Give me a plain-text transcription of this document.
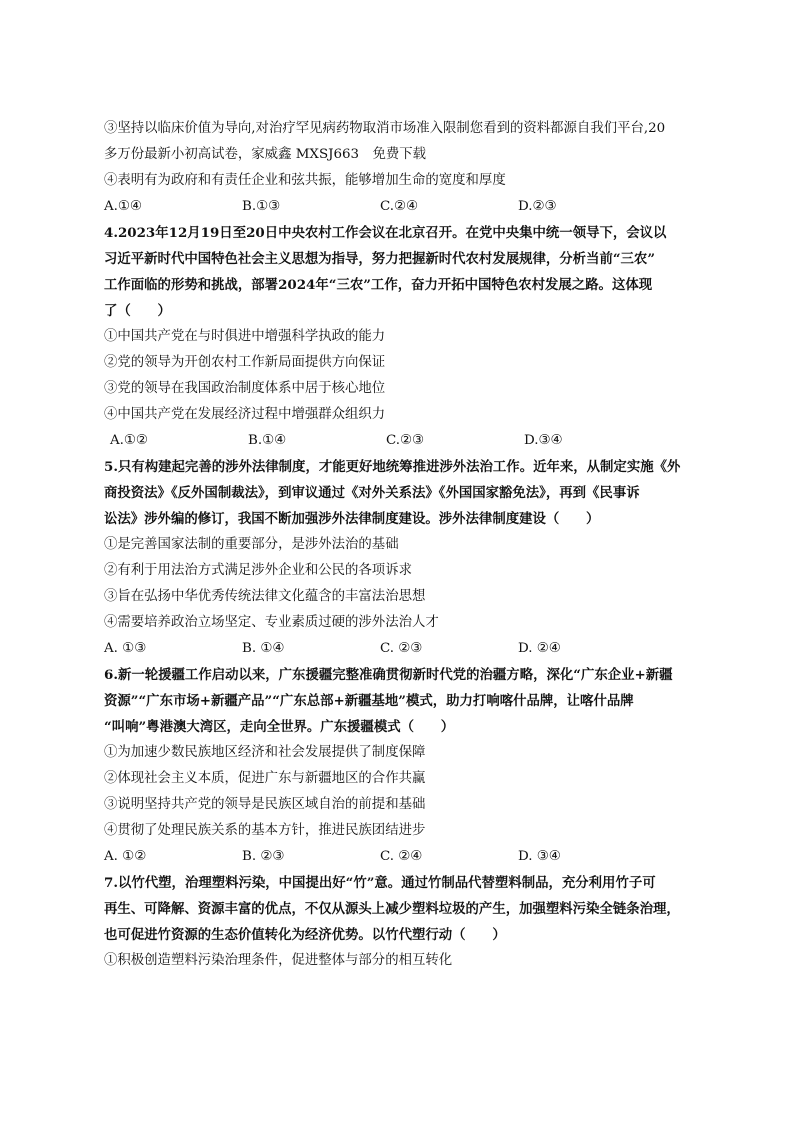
③坚持以临床价值为导向,对治疗罕见病药物取消市场准入限制您看到的资料都源自我们平台,20
多万份最新小初高试卷，家威鑫 MXSJ663　免费下载
④表明有为政府和有责任企业和弦共振，能够增加生命的宽度和厚度
A.①④	B.①③	C.②④	D.②③
4.2023年12月19日至20日中央农村工作会议在北京召开。在党中央集中统一领导下，会议以
习近平新时代中国特色社会主义思想为指导，努力把握新时代农村发展规律，分析当前“三农”
工作面临的形势和挑战，部署2024年“三农”工作，奋力开拓中国特色农村发展之路。这体现
了（　　）
①中国共产党在与时俱进中增强科学执政的能力
②党的领导为开创农村工作新局面提供方向保证
③党的领导在我国政治制度体系中居于核心地位
④中国共产党在发展经济过程中增强群众组织力
A.①②	B.①④	C.②③	D.③④
5.只有构建起完善的涉外法律制度，才能更好地统筹推进涉外法治工作。近年来，从制定实施《外
商投资法》《反外国制裁法》，到审议通过《对外关系法》《外国国家豁免法》，再到《民事诉
讼法》涉外编的修订，我国不断加强涉外法律制度建设。涉外法律制度建设（　　）
①是完善国家法制的重要部分，是涉外法治的基础
②有利于用法治方式满足涉外企业和公民的各项诉求
③旨在弘扬中华优秀传统法律文化蕴含的丰富法治思想
④需要培养政治立场坚定、专业素质过硬的涉外法治人才
A. ①③	B. ①④	C. ②③	D. ②④
6.新一轮援疆工作启动以来，广东援疆完整准确贯彻新时代党的治疆方略，深化“广东企业+新疆
资源”“广东市场+新疆产品”“广东总部+新疆基地”模式，助力打响喀什品牌，让喀什品牌
“叫响”粤港澳大湾区，走向全世界。广东援疆模式（　　）
①为加速少数民族地区经济和社会发展提供了制度保障
②体现社会主义本质，促进广东与新疆地区的合作共赢
③说明坚持共产党的领导是民族区域自治的前提和基础
④贯彻了处理民族关系的基本方针，推进民族团结进步
A. ①②	B. ②③	C. ②④	D. ③④
7.以竹代塑，治理塑料污染，中国提出好“竹”意。通过竹制品代替塑料制品，充分利用竹子可
再生、可降解、资源丰富的优点，不仅从源头上减少塑料垃圾的产生，加强塑料污染全链条治理，
也可促进竹资源的生态价值转化为经济优势。以竹代塑行动（　　）
①积极创造塑料污染治理条件，促进整体与部分的相互转化
